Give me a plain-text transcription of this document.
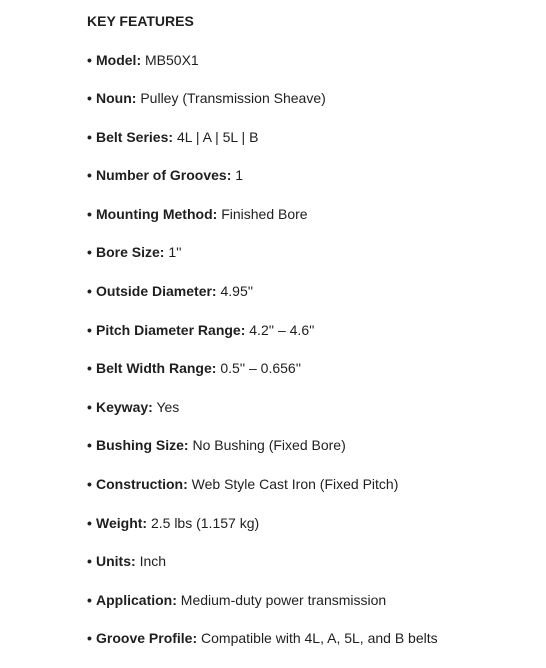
KEY FEATURES
• Model: MB50X1
• Noun: Pulley (Transmission Sheave)
• Belt Series: 4L | A | 5L | B
• Number of Grooves: 1
• Mounting Method: Finished Bore
• Bore Size: 1''
• Outside Diameter: 4.95''
• Pitch Diameter Range: 4.2'' – 4.6''
• Belt Width Range: 0.5'' – 0.656''
• Keyway: Yes
• Bushing Size: No Bushing (Fixed Bore)
• Construction: Web Style Cast Iron (Fixed Pitch)
• Weight: 2.5 lbs (1.157 kg)
• Units: Inch
• Application: Medium-duty power transmission
• Groove Profile: Compatible with 4L, A, 5L, and B belts
